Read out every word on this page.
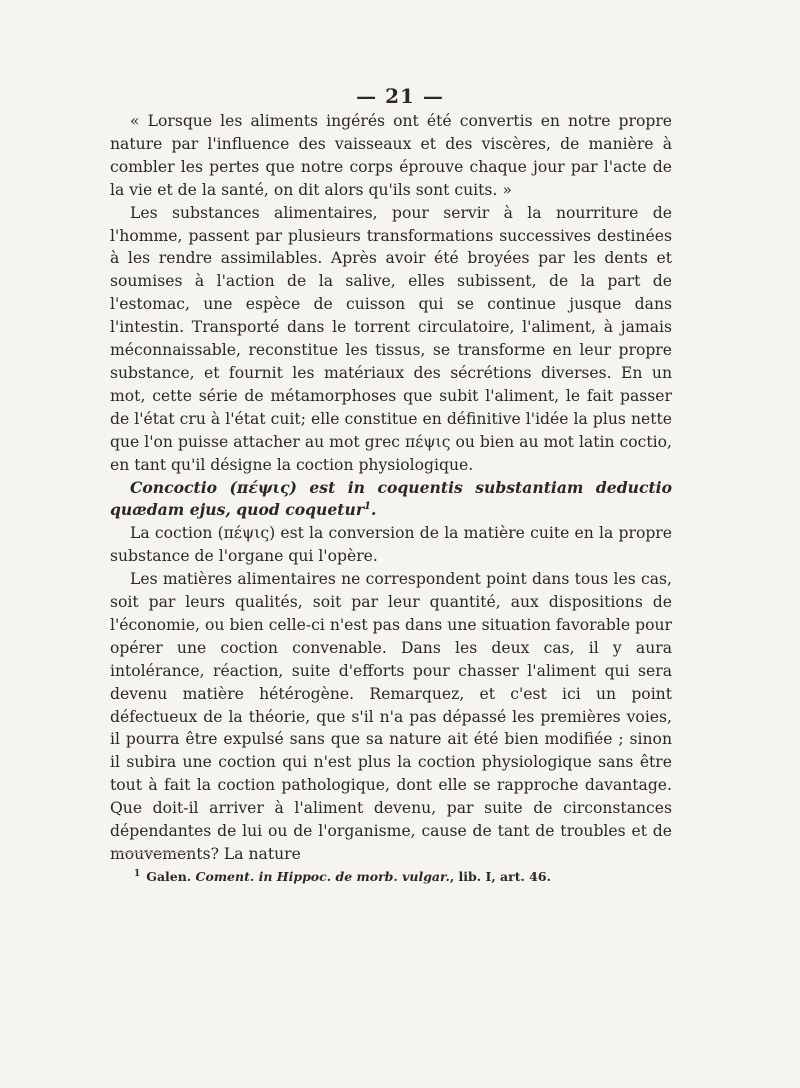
— 21 —

« Lorsque les aliments ingérés ont été convertis en notre propre nature par l'influence des vaisseaux et des viscères, de manière à combler les pertes que notre corps éprouve chaque jour par l'acte de la vie et de la santé, on dit alors qu'ils sont cuits. »

Les substances alimentaires, pour servir à la nourriture de l'homme, passent par plusieurs transformations successives destinées à les rendre assimilables. Après avoir été broyées par les dents et soumises à l'action de la salive, elles subissent, de la part de l'estomac, une espèce de cuisson qui se continue jusque dans l'intestin. Transporté dans le torrent circulatoire, l'aliment, à jamais méconnaissable, reconstitue les tissus, se transforme en leur propre substance, et fournit les matériaux des sécrétions diverses. En un mot, cette série de métamorphoses que subit l'aliment, le fait passer de l'état cru à l'état cuit; elle constitue en définitive l'idée la plus nette que l'on puisse attacher au mot grec πέψις ou bien au mot latin coctio, en tant qu'il désigne la coction physiologique.

Concoctio (πέψις) est in coquentis substantiam deductio quædam ejus, quod coquetur$^1$.

La coction (πέψις) est la conversion de la matière cuite en la propre substance de l'organe qui l'opère.

Les matières alimentaires ne correspondent point dans tous les cas, soit par leurs qualités, soit par leur quantité, aux dispositions de l'économie, ou bien celle-ci n'est pas dans une situation favorable pour opérer une coction convenable. Dans les deux cas, il y aura intolérance, réaction, suite d'efforts pour chasser l'aliment qui sera devenu matière hétérogène. Remarquez, et c'est ici un point défectueux de la théorie, que s'il n'a pas dépassé les premières voies, il pourra être expulsé sans que sa nature ait été bien modifiée ; sinon il subira une coction qui n'est plus la coction physiologique sans être tout à fait la coction pathologique, dont elle se rapproche davantage. Que doit-il arriver à l'aliment devenu, par suite de circonstances dépendantes de lui ou de l'organisme, cause de tant de troubles et de mouvements? La nature

$^1$ Galen. Coment. in Hippoc. de morb. vulgar., lib. I, art. 46.
